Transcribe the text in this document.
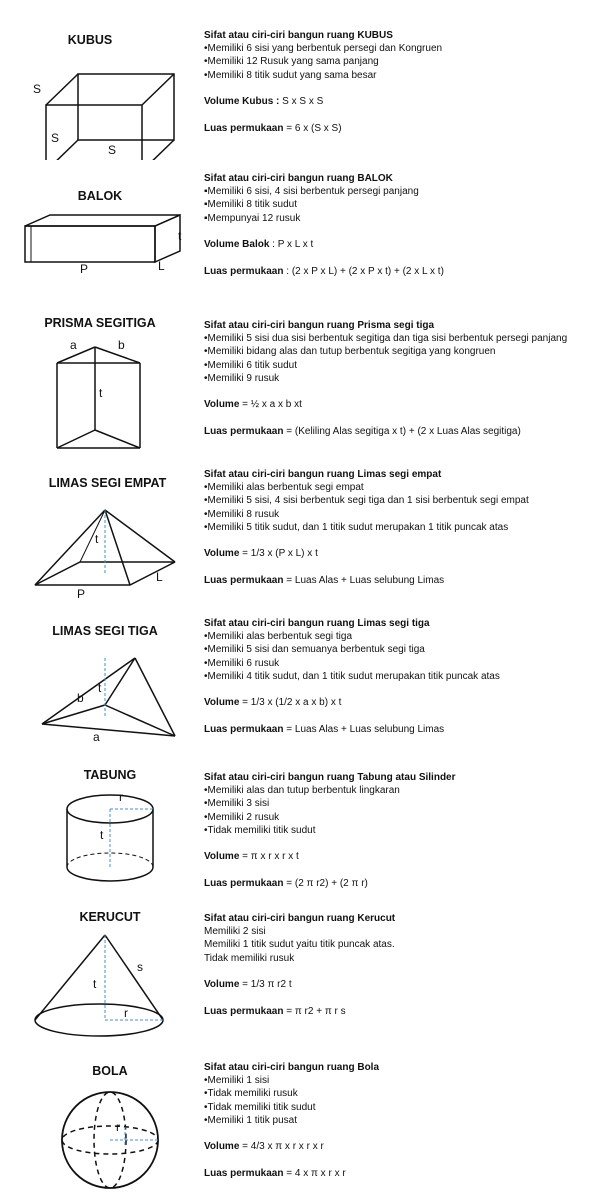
KUBUS
S
S
S
Sifat atau ciri-ciri bangun ruang KUBUS
•Memiliki 6 sisi yang berbentuk persegi dan Kongruen
•Memiliki 12 Rusuk yang sama panjang
•Memiliki 8 titik sudut yang sama besar
Volume Kubus : S x S x S
Luas permukaan = 6 x (S x S)
BALOK
t
P	L
Sifat atau ciri-ciri bangun ruang BALOK
▪Memiliki 6 sisi, 4 sisi berbentuk persegi panjang
▪Memiliki 8 titik sudut
▪Mempunyai 12 rusuk
Volume Balok : P x L x t
Luas permukaan : (2 x P x L) + (2 x P x t) + (2 x L x t)
PRISMA SEGITIGA
a	b
t
Sifat atau ciri-ciri bangun ruang Prisma segi tiga
•Memiliki 5 sisi dua sisi berbentuk segitiga dan tiga sisi berbentuk persegi panjang
•Memiliki bidang alas dan tutup berbentuk segitiga yang kongruen
•Memiliki 6 titik sudut
•Memiliki 9 rusuk
Volume = ½ x a x b xt
Luas permukaan = (Keliling Alas segitiga x t) + (2 x Luas Alas segitiga)
LIMAS SEGI EMPAT
t
L
P
Sifat atau ciri-ciri bangun ruang Limas segi empat
•Memiliki alas berbentuk segi empat
•Memiliki 5 sisi, 4 sisi berbentuk segi tiga dan 1 sisi berbentuk segi empat
•Memiliki 8 rusuk
•Memiliki 5 titik sudut, dan 1 titik sudut merupakan 1 titik puncak atas
Volume = 1/3 x (P x L) x t
Luas permukaan = Luas Alas + Luas selubung Limas
LIMAS SEGI TIGA
t
b
a
Sifat atau ciri-ciri bangun ruang Limas segi tiga
•Memiliki alas berbentuk segi tiga
•Memiliki 5 sisi dan semuanya berbentuk segi tiga
•Memiliki 6 rusuk
•Memiliki 4 titik sudut, dan 1 titik sudut merupakan titik puncak atas
Volume = 1/3 x (1/2 x a x b) x t
Luas permukaan = Luas Alas + Luas selubung Limas
TABUNG
r
t
Sifat atau ciri-ciri bangun ruang Tabung atau Silinder
•Memiliki alas dan tutup berbentuk lingkaran
•Memiliki 3 sisi
•Memiliki 2 rusuk
•Tidak memiliki titik sudut
Volume = π x r x r x t
Luas permukaan = (2 π r2) + (2 π r)
KERUCUT
s
t
r
Sifat atau ciri-ciri bangun ruang Kerucut
Memiliki 2 sisi
Memiliki 1 titik sudut yaitu titik puncak atas.
Tidak memiliki rusuk
Volume = 1/3 π r2 t
Luas permukaan = π r2 + π r s
BOLA
r
Sifat atau ciri-ciri bangun ruang Bola
•Memiliki 1 sisi
•Tidak memiliki rusuk
•Tidak memiliki titik sudut
•Memiliki 1 titik pusat
Volume = 4/3 x π x r x r x r
Luas permukaan = 4 x π x r x r
